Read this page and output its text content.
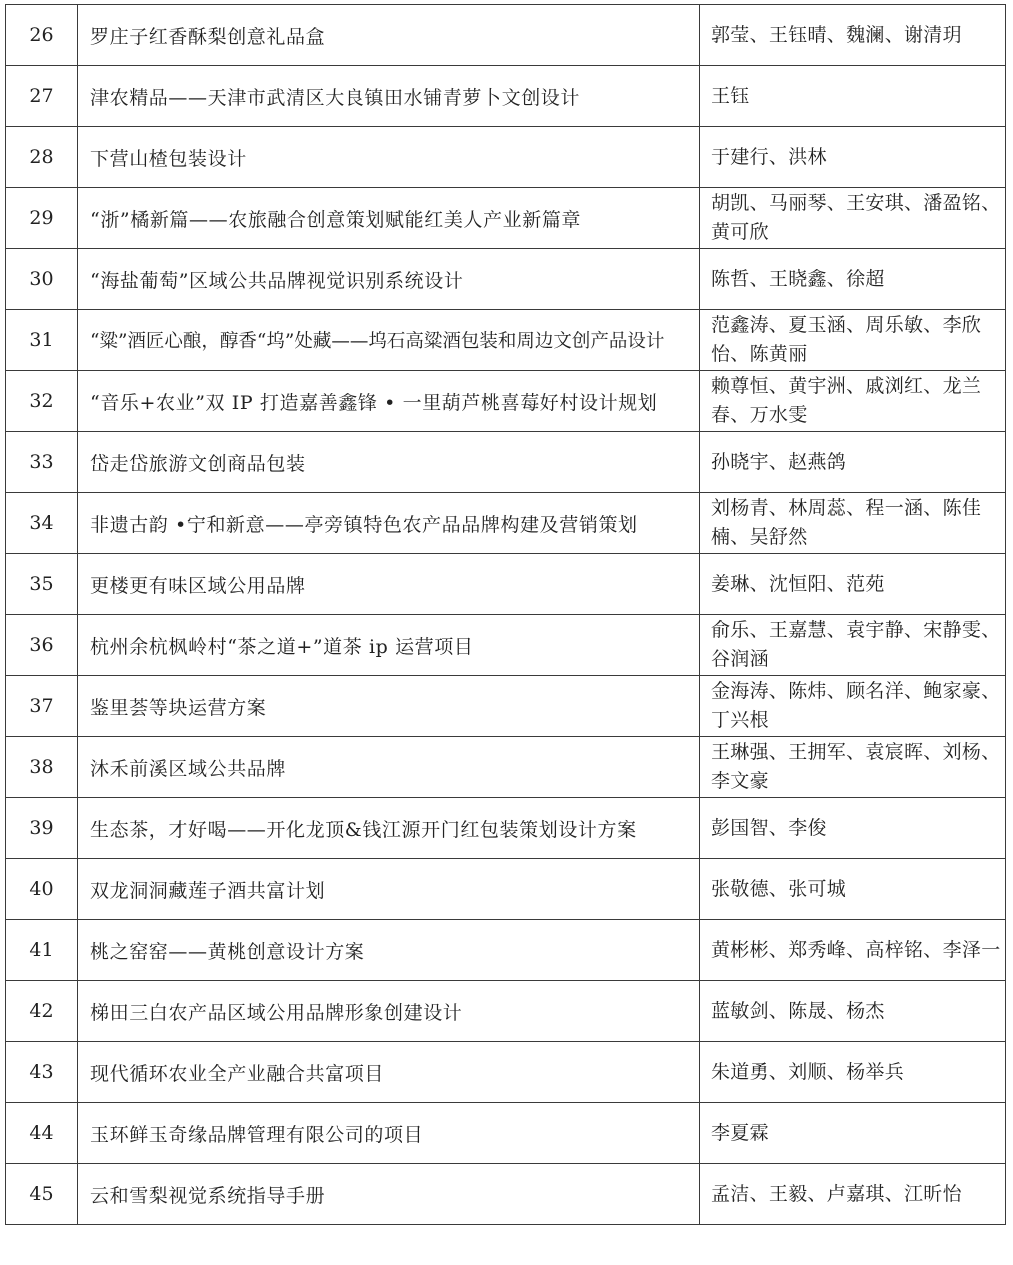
26	罗庄子红香酥梨创意礼品盒	郭莹、王钰晴、魏澜、谢清玥
27	津农精品——天津市武清区大良镇田水铺青萝卜文创设计	王钰
28	下营山楂包装设计	于建行、洪林
29	“浙”橘新篇——农旅融合创意策划赋能红美人产业新篇章	胡凯、马丽琴、王安琪、潘盈铭、黄可欣
30	“海盐葡萄”区域公共品牌视觉识别系统设计	陈哲、王晓鑫、徐超
31	“粱”酒匠心酿，醇香“坞”处藏——坞石高粱酒包装和周边文创产品设计	范鑫涛、夏玉涵、周乐敏、李欣怡、陈黄丽
32	“音乐+农业”双 IP 打造嘉善鑫锋 • 一里葫芦桃喜莓好村设计规划	赖尊恒、黄宇洲、戚浏红、龙兰春、万水雯
33	岱走岱旅游文创商品包装	孙晓宇、赵燕鸽
34	非遗古韵 •宁和新意——亭旁镇特色农产品品牌构建及营销策划	刘杨青、林周蕊、程一涵、陈佳楠、吴舒然
35	更楼更有味区域公用品牌	姜琳、沈恒阳、范苑
36	杭州余杭枫岭村“茶之道+”道茶 ip 运营项目	俞乐、王嘉慧、袁宇静、宋静雯、谷润涵
37	鉴里荟等块运营方案	金海涛、陈炜、顾名洋、鲍家豪、丁兴根
38	沐禾前溪区域公共品牌	王琳强、王拥军、袁宸晖、刘杨、李文豪
39	生态茶，才好喝——开化龙顶&钱江源开门红包装策划设计方案	彭国智、李俊
40	双龙洞洞藏莲子酒共富计划	张敬德、张可城
41	桃之窑窑——黄桃创意设计方案	黄彬彬、郑秀峰、高梓铭、李泽一
42	梯田三白农产品区域公用品牌形象创建设计	蓝敏剑、陈晟、杨杰
43	现代循环农业全产业融合共富项目	朱道勇、刘顺、杨举兵
44	玉环鲜玉奇缘品牌管理有限公司的项目	李夏霖
45	云和雪梨视觉系统指导手册	孟洁、王毅、卢嘉琪、江昕怡
